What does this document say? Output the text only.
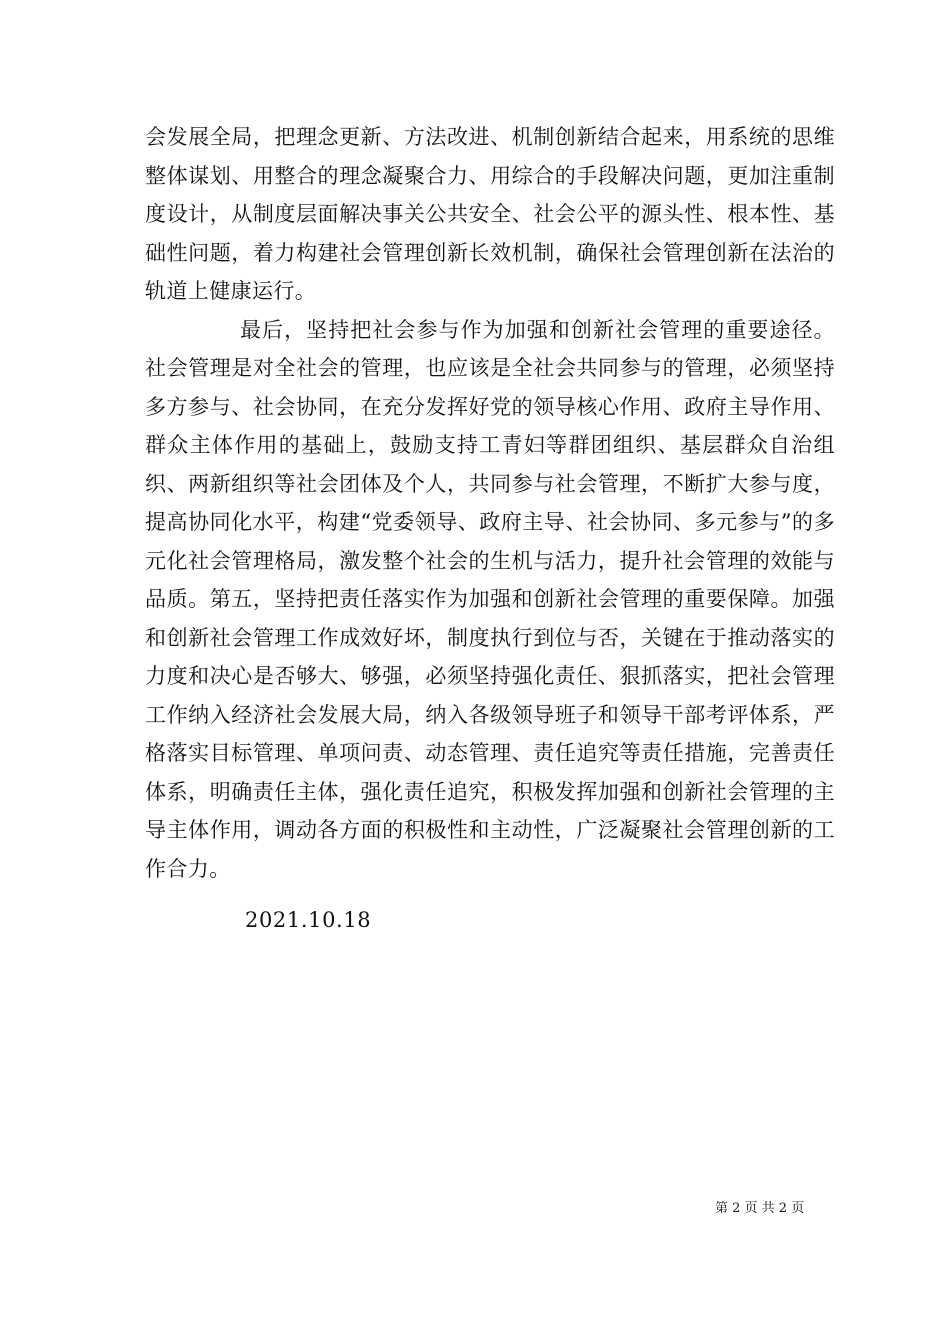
会发展全局，把理念更新、方法改进、机制创新结合起来，用系统的思维整体谋划、用整合的理念凝聚合力、用综合的手段解决问题，更加注重制度设计，从制度层面解决事关公共安全、社会公平的源头性、根本性、基础性问题，着力构建社会管理创新长效机制，确保社会管理创新在法治的轨道上健康运行。

最后，坚持把社会参与作为加强和创新社会管理的重要途径。社会管理是对全社会的管理，也应该是全社会共同参与的管理，必须坚持多方参与、社会协同，在充分发挥好党的领导核心作用、政府主导作用、群众主体作用的基础上，鼓励支持工青妇等群团组织、基层群众自治组织、两新组织等社会团体及个人，共同参与社会管理，不断扩大参与度，提高协同化水平，构建“党委领导、政府主导、社会协同、多元参与”的多元化社会管理格局，激发整个社会的生机与活力，提升社会管理的效能与品质。第五，坚持把责任落实作为加强和创新社会管理的重要保障。加强和创新社会管理工作成效好坏，制度执行到位与否，关键在于推动落实的力度和决心是否够大、够强，必须坚持强化责任、狠抓落实，把社会管理工作纳入经济社会发展大局，纳入各级领导班子和领导干部考评体系，严格落实目标管理、单项问责、动态管理、责任追究等责任措施，完善责任体系，明确责任主体，强化责任追究，积极发挥加强和创新社会管理的主导主体作用，调动各方面的积极性和主动性，广泛凝聚社会管理创新的工作合力。

2021.10.18
第 2 页 共 2 页
